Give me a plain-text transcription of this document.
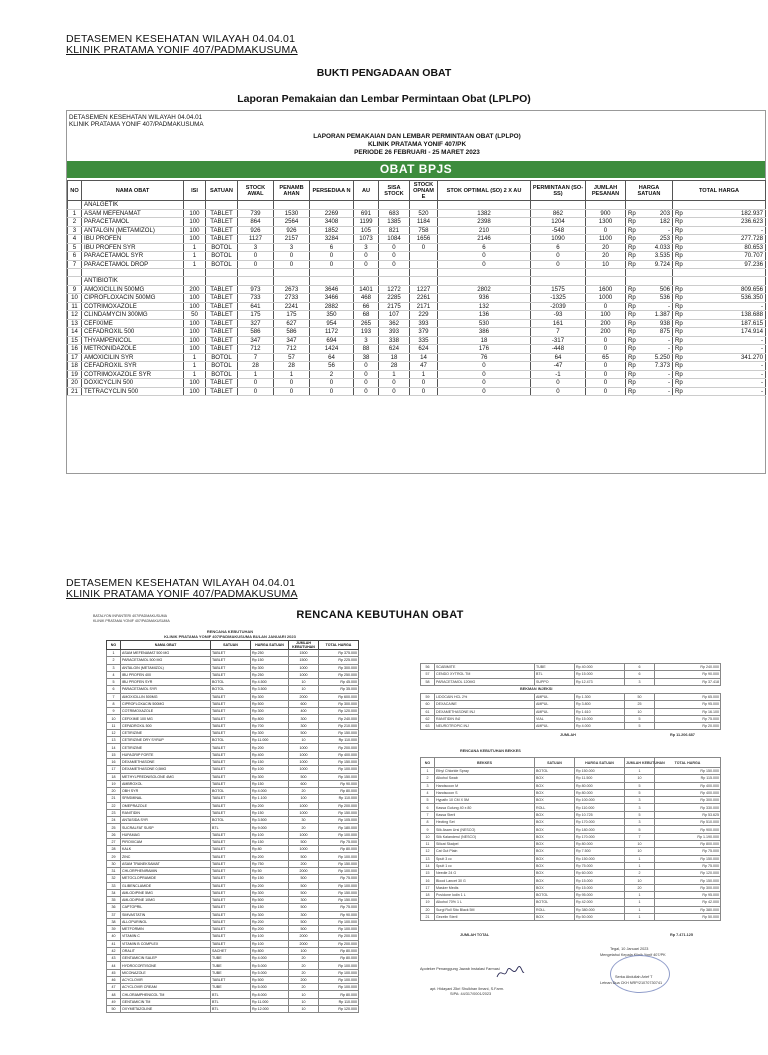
DETASEMEN KESEHATAN WILAYAH 04.04.01
KLINIK PRATAMA YONIF 407/PADMAKUSUMA
BUKTI PENGADAAN OBAT
Laporan Pemakaian dan Lembar Permintaan Obat (LPLPO)
DETASEMEN KESEHATAN WILAYAH 04.04.01
KLINIK PRATAMA YONIF 407/PADMAKUSUMA
LAPORAN PEMAKAIAN DAN LEMBAR PERMINTAAN OBAT (LPLPO)
KLINIK PRATAMA YONIF 407/PK
PERIODE 26 FEBRUARI - 25 MARET 2023
OBAT BPJS
NO	NAMA OBAT	ISI	SATUAN	STOCK AWAL	PENAMB AHAN	PERSEDIAA N	AU	SISA STOCK	STOCK OPNAM E	STOK OPTIMAL (SO) 2 X AU	PERMINTAAN (SO-SS)	JUMLAH PESANAN	HARGA SATUAN	TOTAL HARGA
	ANALGETIK												

1	ASAM MEFENAMAT	100	TABLET	739	1530	2269	691	683	520	1382	862	900	Rp 203	Rp 182.937

2	PARACETAMOL	100	TABLET	864	2564	3408	1199	1385	1184	2398	1204	1300	Rp 182	Rp 236.623

3	ANTALGIN (METAMIZOL)	100	TABLET	926	926	1852	105	821	758	210	-548	0	Rp -	Rp -

4	IBU PROFEN	100	TABLET	1127	2157	3284	1073	1084	1656	2146	1090	1100	Rp 253	Rp 277.728

5	IBU PROFEN SYR	1	BOTOL	3	3	6	3	0	0	6	6	20	Rp 4.033	Rp 80.653

6	PARACETAMOL SYR	1	BOTOL	0	0	0	0	0		0	0	20	Rp 3.535	Rp 70.707

7	PARACETAMOL DROP	1	BOTOL	0	0	0	0	0		0	0	10	Rp 9.724	Rp 97.236

	ANTIBIOTIK												

9	AMOXICILLIN 500MG	200	TABLET	973	2673	3646	1401	1272	1227	2802	1575	1600	Rp 506	Rp 809.656

10	CIPROFLOXACIN 500MG	100	TABLET	733	2733	3466	468	2285	2261	936	-1325	1000	Rp 536	Rp 536.350

11	COTRIMOXAZOLE	100	TABLET	641	2241	2882	66	2175	2171	132	-2039	0	Rp -	Rp -

12	CLINDAMYCIN 300MG	50	TABLET	175	175	350	68	107	229	136	-93	100	Rp 1.387	Rp 138.688

13	CEFIXIME	100	TABLET	327	627	954	265	362	393	530	161	200	Rp 938	Rp 187.615

14	CEFADROXIL 500	100	TABLET	586	586	1172	193	393	379	386	7	200	Rp 875	Rp 174.914

15	THYAMPENICOL	100	TABLET	347	347	694	3	338	335	18	-317	0	Rp -	Rp -

16	METRONIDAZOLE	100	TABLET	712	712	1424	88	624	624	176	-448	0	Rp -	Rp -

17	AMOXICILIN SYR	1	BOTOL	7	57	64	38	18	14	76	64	65	Rp 5.250	Rp 341.270

18	CEFADROXIL SYR	1	BOTOL	28	28	56	0	28	47	0	-47	0	Rp 7.373	Rp -

19	COTRIMOXAZOLE SYR	1	BOTOL	1	1	2	0	1	1	0	-1	0	Rp -	Rp -

20	DOXICYCLIN 500	100	TABLET	0	0	0	0	0	0	0	0	0	Rp -	Rp -

21	TETRACYCLIN 500	100	TABLET	0	0	0	0	0	0	0	0	0	Rp -	Rp -
DETASEMEN KESEHATAN WILAYAH 04.04.01
KLINIK PRATAMA YONIF 407/PADMAKUSUMA
RENCANA KEBUTUHAN OBAT
BATALYON INFANTERI 407/PADMAKUSUMA
KLINIK PRATAMA YONIF 407/PADMAKUSUMA
RENCANA KEBUTUHAN
KLINIK PRATAMA YONIF 407/PADMAKUSUMA BULAN JANUARI 2023
NO	NAMA OBAT	SATUAN	HARGA SATUAN	JUMLAH KEBUTUHAN	TOTAL HARGA
1	ASAM MEFENAMAT 500 MG	TABLET	Rp 250	1500	Rp 375.000
2	PARACETAMOL 500 MG	TABLET	Rp 150	1500	Rp 225.000
3	ANTALGIN (METAMIZOL)	TABLET	Rp 300	1000	Rp 300.000
4	IBU PROFEN 400	TABLET	Rp 250	1000	Rp 250.000
5	IBU PROFEN SYR	BOTOL	Rp 4.500	10	Rp 45.000
6	PARACETAMOL SYR	BOTOL	Rp 3.500	10	Rp 35.000
7	AMOXICILLIN 500MG	TABLET	Rp 300	2000	Rp 600.000
8	CIPROFLOXACIN 500MG	TABLET	Rp 500	600	Rp 300.000
9	COTRIMOXAZOLE	TABLET	Rp 300	400	Rp 120.000
10	CEFIXIME 100 MG	TABLET	Rp 800	300	Rp 240.000
11	CEFADROXIL 500	TABLET	Rp 700	300	Rp 210.000
12	CETIRIZINE	TABLET	Rp 300	500	Rp 150.000
13	CETIRIZINE DRY SYRUP	BOTOL	Rp 11.000	10	Rp 110.000
14	CETIRIZINE	TABLET	Rp 200	1000	Rp 200.000
15	HUFAGRIP FORTE	TABLET	Rp 400	1000	Rp 400.000
16	DEXAMETHASONE	TABLET	Rp 150	1000	Rp 150.000
17	DEXAMETHASONE 0,5MG	TABLET	Rp 100	1000	Rp 100.000
18	METHYLPREDNISOLONE 4MG	TABLET	Rp 300	500	Rp 150.000
19	AMBROXOL	TABLET	Rp 150	600	Rp 90.000
20	OBH SYR	BOTOL	Rp 4.000	20	Rp 80.000
21	SPASMINAL	TABLET	Rp 1.100	100	Rp 110.000
22	OMEPRAZOLE	TABLET	Rp 200	1000	Rp 200.000
23	RANITIDIN	TABLET	Rp 150	1000	Rp 150.000
24	ANTASIDA SYR	BOTOL	Rp 3.500	30	Rp 105.000
25	SUCRALFAT SUSP	BTL	Rp 9.000	20	Rp 180.000
26	HUFAMAG	TABLET	Rp 100	1000	Rp 100.000
27	PIROXICAM	TABLET	Rp 150	500	Rp 75.000
28	KALK	TABLET	Rp 80	1000	Rp 80.000
29	ZINC	TABLET	Rp 200	500	Rp 100.000
30	ASAM TRANEKSAMAT	TABLET	Rp 750	200	Rp 150.000
31	CHLORPHENIRAMIN	TABLET	Rp 50	2000	Rp 100.000
32	METOCLOPRAMIDE	TABLET	Rp 150	500	Rp 75.000
33	GLIBENCLAMIDE	TABLET	Rp 200	500	Rp 100.000
34	AMLODIPINE 5MG	TABLET	Rp 300	500	Rp 150.000
35	AMLODIPINE 10MG	TABLET	Rp 500	300	Rp 150.000
36	CAPTOPRIL	TABLET	Rp 150	500	Rp 75.000
37	SIMVASTATIN	TABLET	Rp 300	300	Rp 90.000
38	ALLOPURINOL	TABLET	Rp 200	500	Rp 100.000
39	METFORMIN	TABLET	Rp 200	500	Rp 100.000
40	VITAMIN C	TABLET	Rp 100	2000	Rp 200.000
41	VITAMIN B COMPLEX	TABLET	Rp 100	2000	Rp 200.000
42	ORALIT	SACHET	Rp 800	100	Rp 80.000
43	GENTAMICIN SALEP	TUBE	Rp 4.000	20	Rp 80.000
44	HYDROCORTISONE	TUBE	Rp 5.000	20	Rp 100.000
45	MICONAZOLE	TUBE	Rp 5.000	20	Rp 100.000
46	ACYCLOVIR	TABLET	Rp 500	200	Rp 100.000
47	ACYCLOVIR CREAM	TUBE	Rp 5.000	20	Rp 100.000
48	CHLORAMPHENICOL TM	BTL	Rp 8.000	10	Rp 80.000
49	GENTAMICIN TM	BTL	Rp 11.000	10	Rp 110.000
50	OXYMETAZOLINE	BTL	Rp 12.000	10	Rp 120.000
56	SCABIMITE	TUBE	Rp 40.000	6	Rp 240.000
57	CENDO XYTROL TM	BTL	Rp 15.000	6	Rp 90.000
58	PARACETAMOL 120MG	SUPPO	Rp 12.473	3	Rp 37.418
BEKMAN INJEKSI
59	LIDOCAIN HCL 2%	AMPUL	Rp 1.300	50	Rp 65.000
60	DEXACAINE	AMPUL	Rp 3.800	25	Rp 95.000
61	DEXAMETHASONE INJ	AMPUL	Rp 1.610	10	Rp 16.100
62	RANITIDIN INJ	VIAL	Rp 15.000	5	Rp 75.000
63	NEUROTROPIC INJ	AMPUL	Rp 4.000	5	Rp 20.000
JUMLAH	Rp 11.206.687
RENCANA KEBUTUHAN BEKKES
NO	BEKKES	SATUAN	HARGA SATUAN	JUMLAH KEBUTUHAN	TOTAL HARGA
1	Ethyl Chloride Spray	BOTOL	Rp 150.000	1	Rp 150.000
2	Alkohol Swab	BOX	Rp 11.500	10	Rp 115.000
3	Handscoon M	BOX	Rp 80.000	5	Rp 400.000
4	Handscoon S	BOX	Rp 80.000	5	Rp 400.000
5	Hypafix 10 CM X 5M	BOX	Rp 100.000	3	Rp 300.000
6	Kassa Gulung 40 x 80	ROLL	Rp 110.000	3	Rp 330.000
7	Kassa Steril	BOX	Rp 10.725	5	Rp 53.625
8	Hecting Set	BOX	Rp 170.000	3	Rp 510.000
9	Silk Asam Ursi (NESCO)	BOX	Rp 180.000	5	Rp 900.000
10	Silk Kalanderul (NESCO)	BOX	Rp 170.000	7	Rp 1.190.000
11	Silicat Skalpel	BOX	Rp 80.000	10	Rp 800.000
12	Cat Gut Plain	BOX	Rp 7.500	10	Rp 75.000
13	Spuit 3 cc	BOX	Rp 150.000	1	Rp 150.000
14	Spuit 1 cc	BOX	Rp 75.000	1	Rp 75.000
15	Needle 24 G	BOX	Rp 60.000	2	Rp 120.000
16	Blood Lancet 30 G	BOX	Rp 15.000	10	Rp 150.000
17	Masker Medis	BOX	Rp 15.000	20	Rp 300.000
18	Povidone Iodin 1 L	BOTOL	Rp 95.000	1	Rp 95.000
19	Alkohol 70% 1 L	BOTOL	Rp 42.000	1	Rp 42.000
20	Surgi Roll Sito Black 5M	ROLL	Rp 380.000	1	Rp 380.000
21	Gezelin Steril	BOX	Rp 50.000	1	Rp 50.000
JUMLAH TOTAL	Rp 7.471.125
Apoteker Penanggung Jawab Instalasi Farmasi
apt. Hidayani Zikri Shulkhan Ilmani, S.Farm.
SIPA: 44/317/0001/2023
Tegal, 10 Januari 2023
Mengetahui Kepala Klinik Yonif 407/PK
Serka Abdullah Arief T
Letnan Dua CKH NRP/21070730741
